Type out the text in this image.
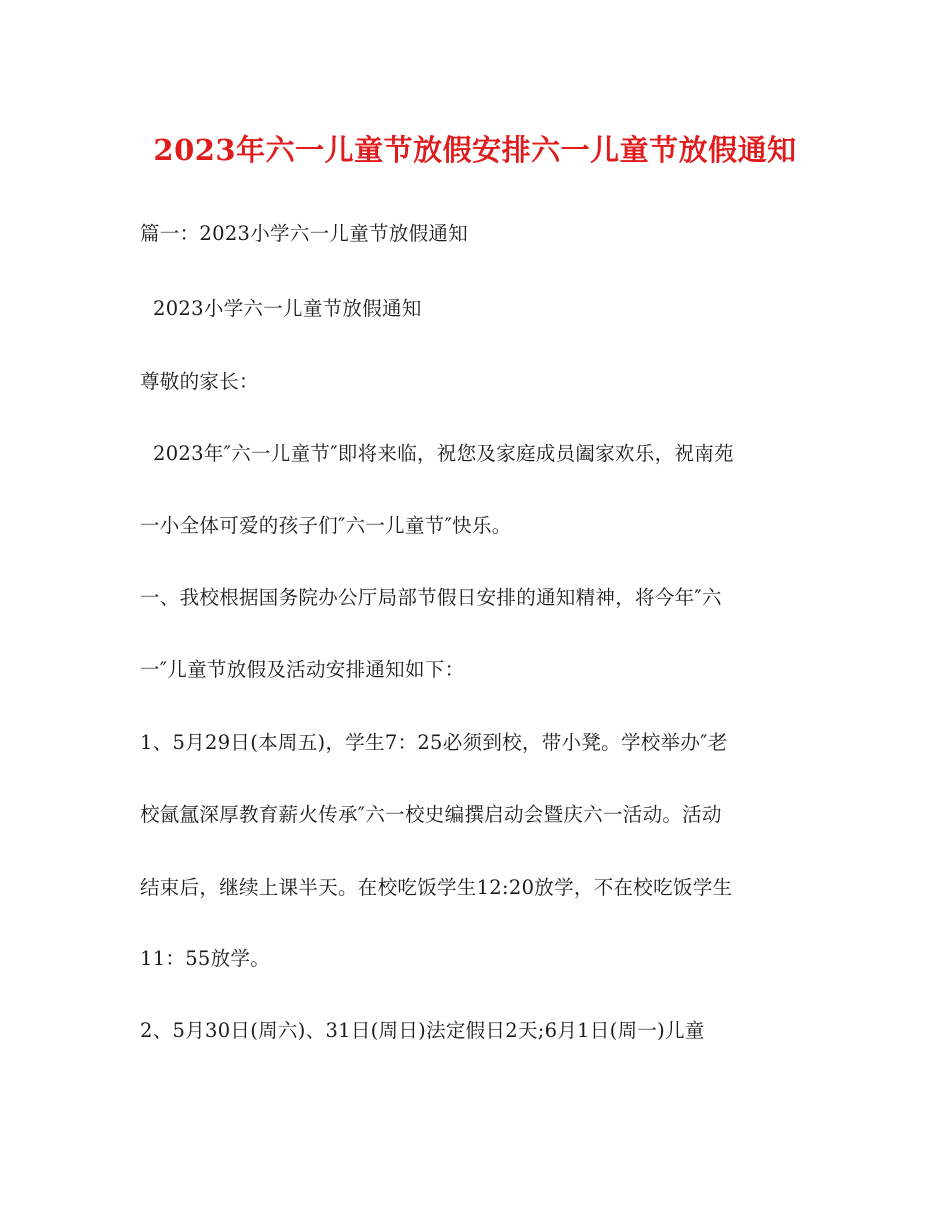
2023年六一儿童节放假安排六一儿童节放假通知
篇一：2023小学六一儿童节放假通知
2023小学六一儿童节放假通知
尊敬的家长：
2023年″六一儿童节″即将来临，祝您及家庭成员阖家欢乐，祝南苑
一小全体可爱的孩子们″六一儿童节″快乐。
一、我校根据国务院办公厅局部节假日安排的通知精神，将今年″六
一″儿童节放假及活动安排通知如下：
1、5月29日(本周五)，学生7：25必须到校，带小凳。学校举办″老
校氤氲深厚教育薪火传承″六一校史编撰启动会暨庆六一活动。活动
结束后，继续上课半天。在校吃饭学生12:20放学，不在校吃饭学生
11：55放学。
2、5月30日(周六)、31日(周日)法定假日2天;6月1日(周一)儿童
